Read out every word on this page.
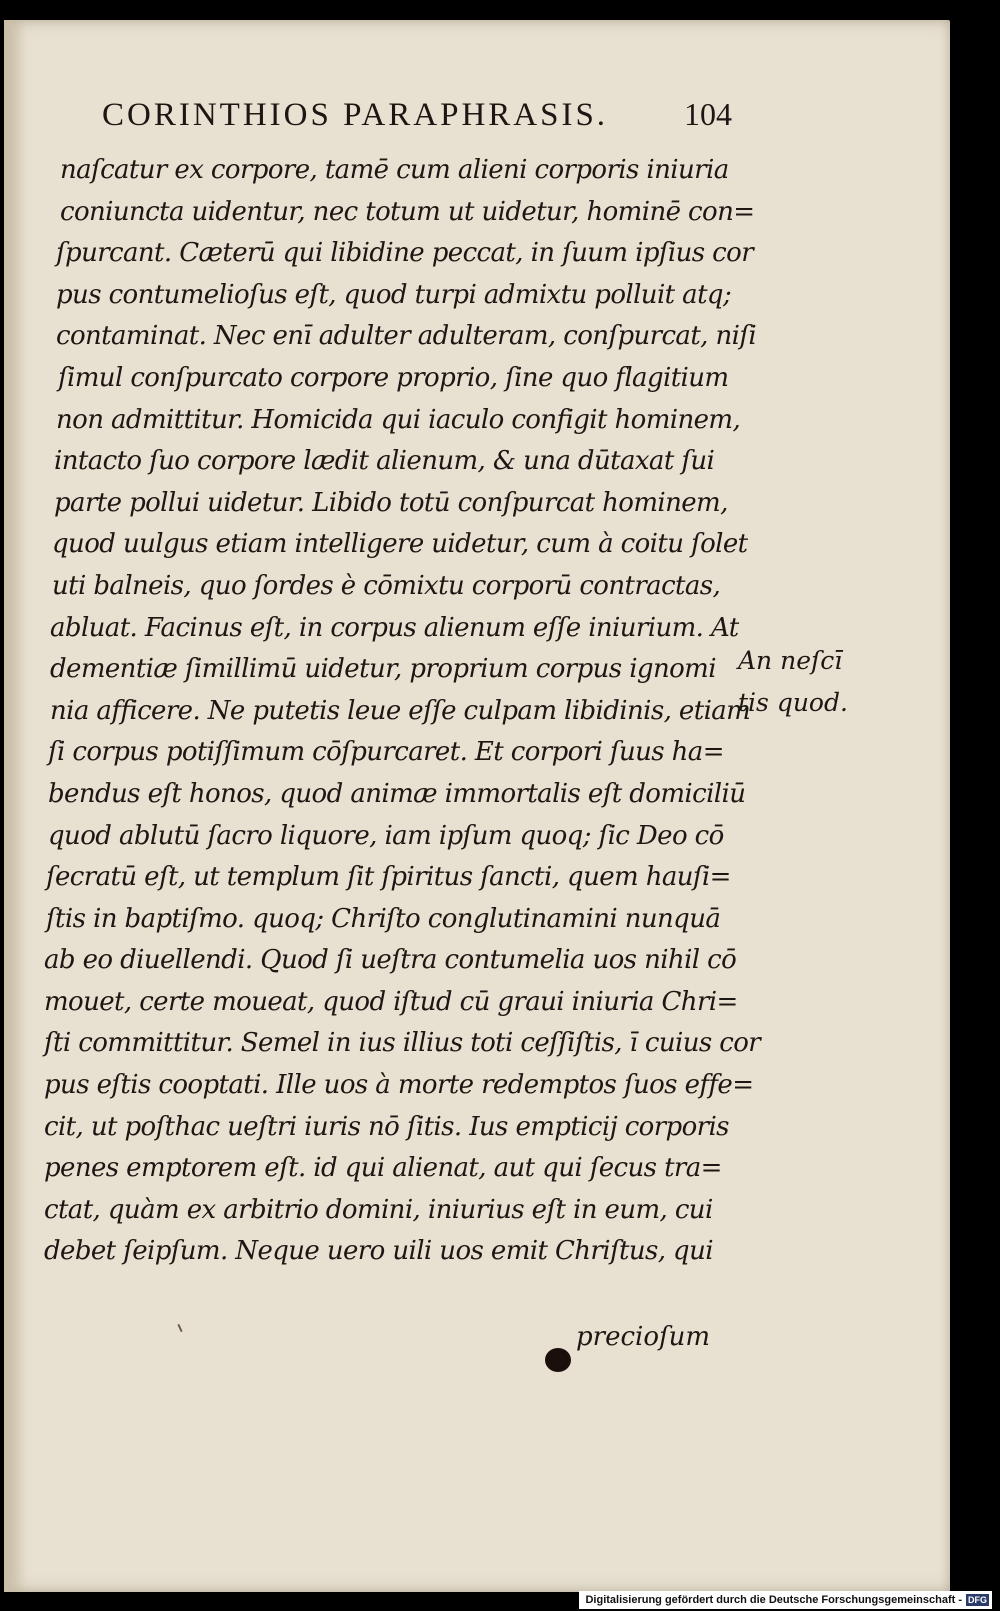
CORINTHIOS PARAPHRASIS. 104
naſcatur ex corpore, tamē cum alieni corporis iniuria
coniuncta uidentur, nec totum ut uidetur, hominē con=
ſpurcant. Cæterū qui libidine peccat, in ſuum ipſius cor
pus contumelioſus eſt, quod turpi admixtu polluit atq;
contaminat. Nec enī adulter adulteram, conſpurcat, niſi
ſimul conſpurcato corpore proprio, ſine quo flagitium
non admittitur. Homicida qui iaculo configit hominem,
intacto ſuo corpore lædit alienum, & una dūtaxat ſui
parte pollui uidetur. Libido totū conſpurcat hominem,
quod uulgus etiam intelligere uidetur, cum à coitu ſolet
uti balneis, quo ſordes è cōmixtu corporū contractas,
abluat. Facinus eſt, in corpus alienum eſſe iniurium. At
dementiæ ſimillimū uidetur, proprium corpus ignomi
nia afficere. Ne putetis leue eſſe culpam libidinis, etiam
ſi corpus potiſſimum cōſpurcaret. Et corpori ſuus ha=
bendus eſt honos, quod animæ immortalis eſt domiciliū
quod ablutū ſacro liquore, iam ipſum quoq; ſic Deo cō
ſecratū eſt, ut templum ſit ſpiritus ſancti, quem hauſi=
ſtis in baptiſmo. quoq; Chriſto conglutinamini nunquā
ab eo diuellendi. Quod ſi ueſtra contumelia uos nihil cō
mouet, certe moueat, quod iſtud cū graui iniuria Chri=
ſti committitur. Semel in ius illius toti ceſſiſtis, ī cuius cor
pus eſtis cooptati. Ille uos à morte redemptos ſuos effe=
cit, ut poſthac ueſtri iuris nō ſitis. Ius empticij corporis
penes emptorem eſt. id qui alienat, aut qui ſecus tra=
ctat, quàm ex arbitrio domini, iniurius eſt in eum, cui
debet ſeipſum. Neque uero uili uos emit Chriſtus, qui
An neſcī
tis quod.
precioſum
Digitalisierung gefördert durch die Deutsche Forschungsgemeinschaft - DFG
